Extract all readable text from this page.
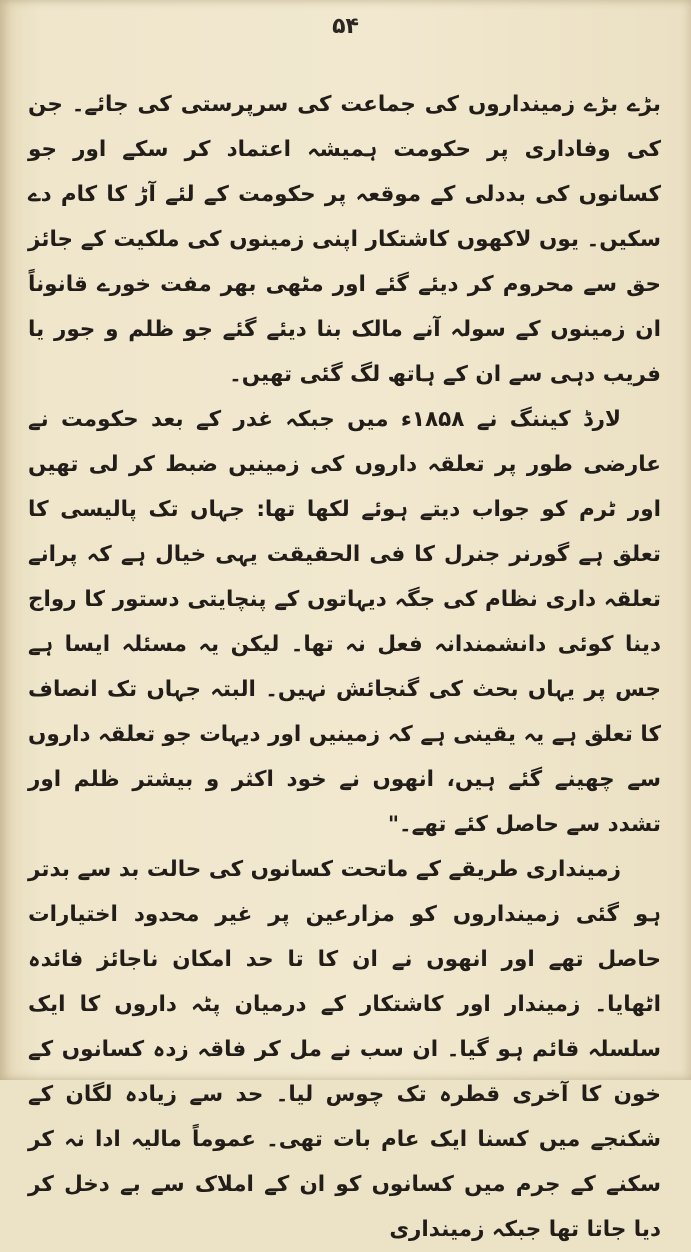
۵۴

بڑے بڑے زمینداروں کی جماعت کی سرپرستی کی جائے۔ جن کی وفاداری پر حکومت ہمیشہ اعتماد کر سکے اور جو کسانوں کی بددلی کے موقعہ پر حکومت کے لئے آڑ کا کام دے سکیں۔ یوں لاکھوں کاشتکار اپنی زمینوں کی ملکیت کے جائز حق سے محروم کر دیئے گئے اور مٹھی بھر مفت خورے قانوناً ان زمینوں کے سولہ آنے مالک بنا دیئے گئے جو ظلم و جور یا فریب دہی سے ان کے ہاتھ لگ گئی تھیں۔

لارڈ کیننگ نے ۱۸۵۸ء میں جبکہ غدر کے بعد حکومت نے عارضی طور پر تعلقہ داروں کی زمینیں ضبط کر لی تھیں اور ٹرم کو جواب دیتے ہوئے لکھا تھا: جہاں تک پالیسی کا تعلق ہے گورنر جنرل کا فی الحقیقت یہی خیال ہے کہ پرانے تعلقہ داری نظام کی جگہ دیہاتوں کے پنچایتی دستور کا رواج دینا کوئی دانشمندانہ فعل نہ تھا۔ لیکن یہ مسئلہ ایسا ہے جس پر یہاں بحث کی گنجائش نہیں۔ البتہ جہاں تک انصاف کا تعلق ہے یہ یقینی ہے کہ زمینیں اور دیہات جو تعلقہ داروں سے چھینے گئے ہیں، انھوں نے خود اکثر و بیشتر ظلم اور تشدد سے حاصل کئے تھے۔"

زمینداری طریقے کے ماتحت کسانوں کی حالت بد سے بدتر ہو گئی زمینداروں کو مزارعین پر غیر محدود اختیارات حاصل تھے اور انھوں نے ان کا تا حد امکان ناجائز فائدہ اٹھایا۔ زمیندار اور کاشتکار کے درمیان پٹہ داروں کا ایک سلسلہ قائم ہو گیا۔ ان سب نے مل کر فاقہ زدہ کسانوں کے خون کا آخری قطرہ تک چوس لیا۔ حد سے زیادہ لگان کے شکنجے میں کسنا ایک عام بات تھی۔ عموماً مالیہ ادا نہ کر سکنے کے جرم میں کسانوں کو ان کے املاک سے بے دخل کر دیا جاتا تھا جبکہ زمینداری
